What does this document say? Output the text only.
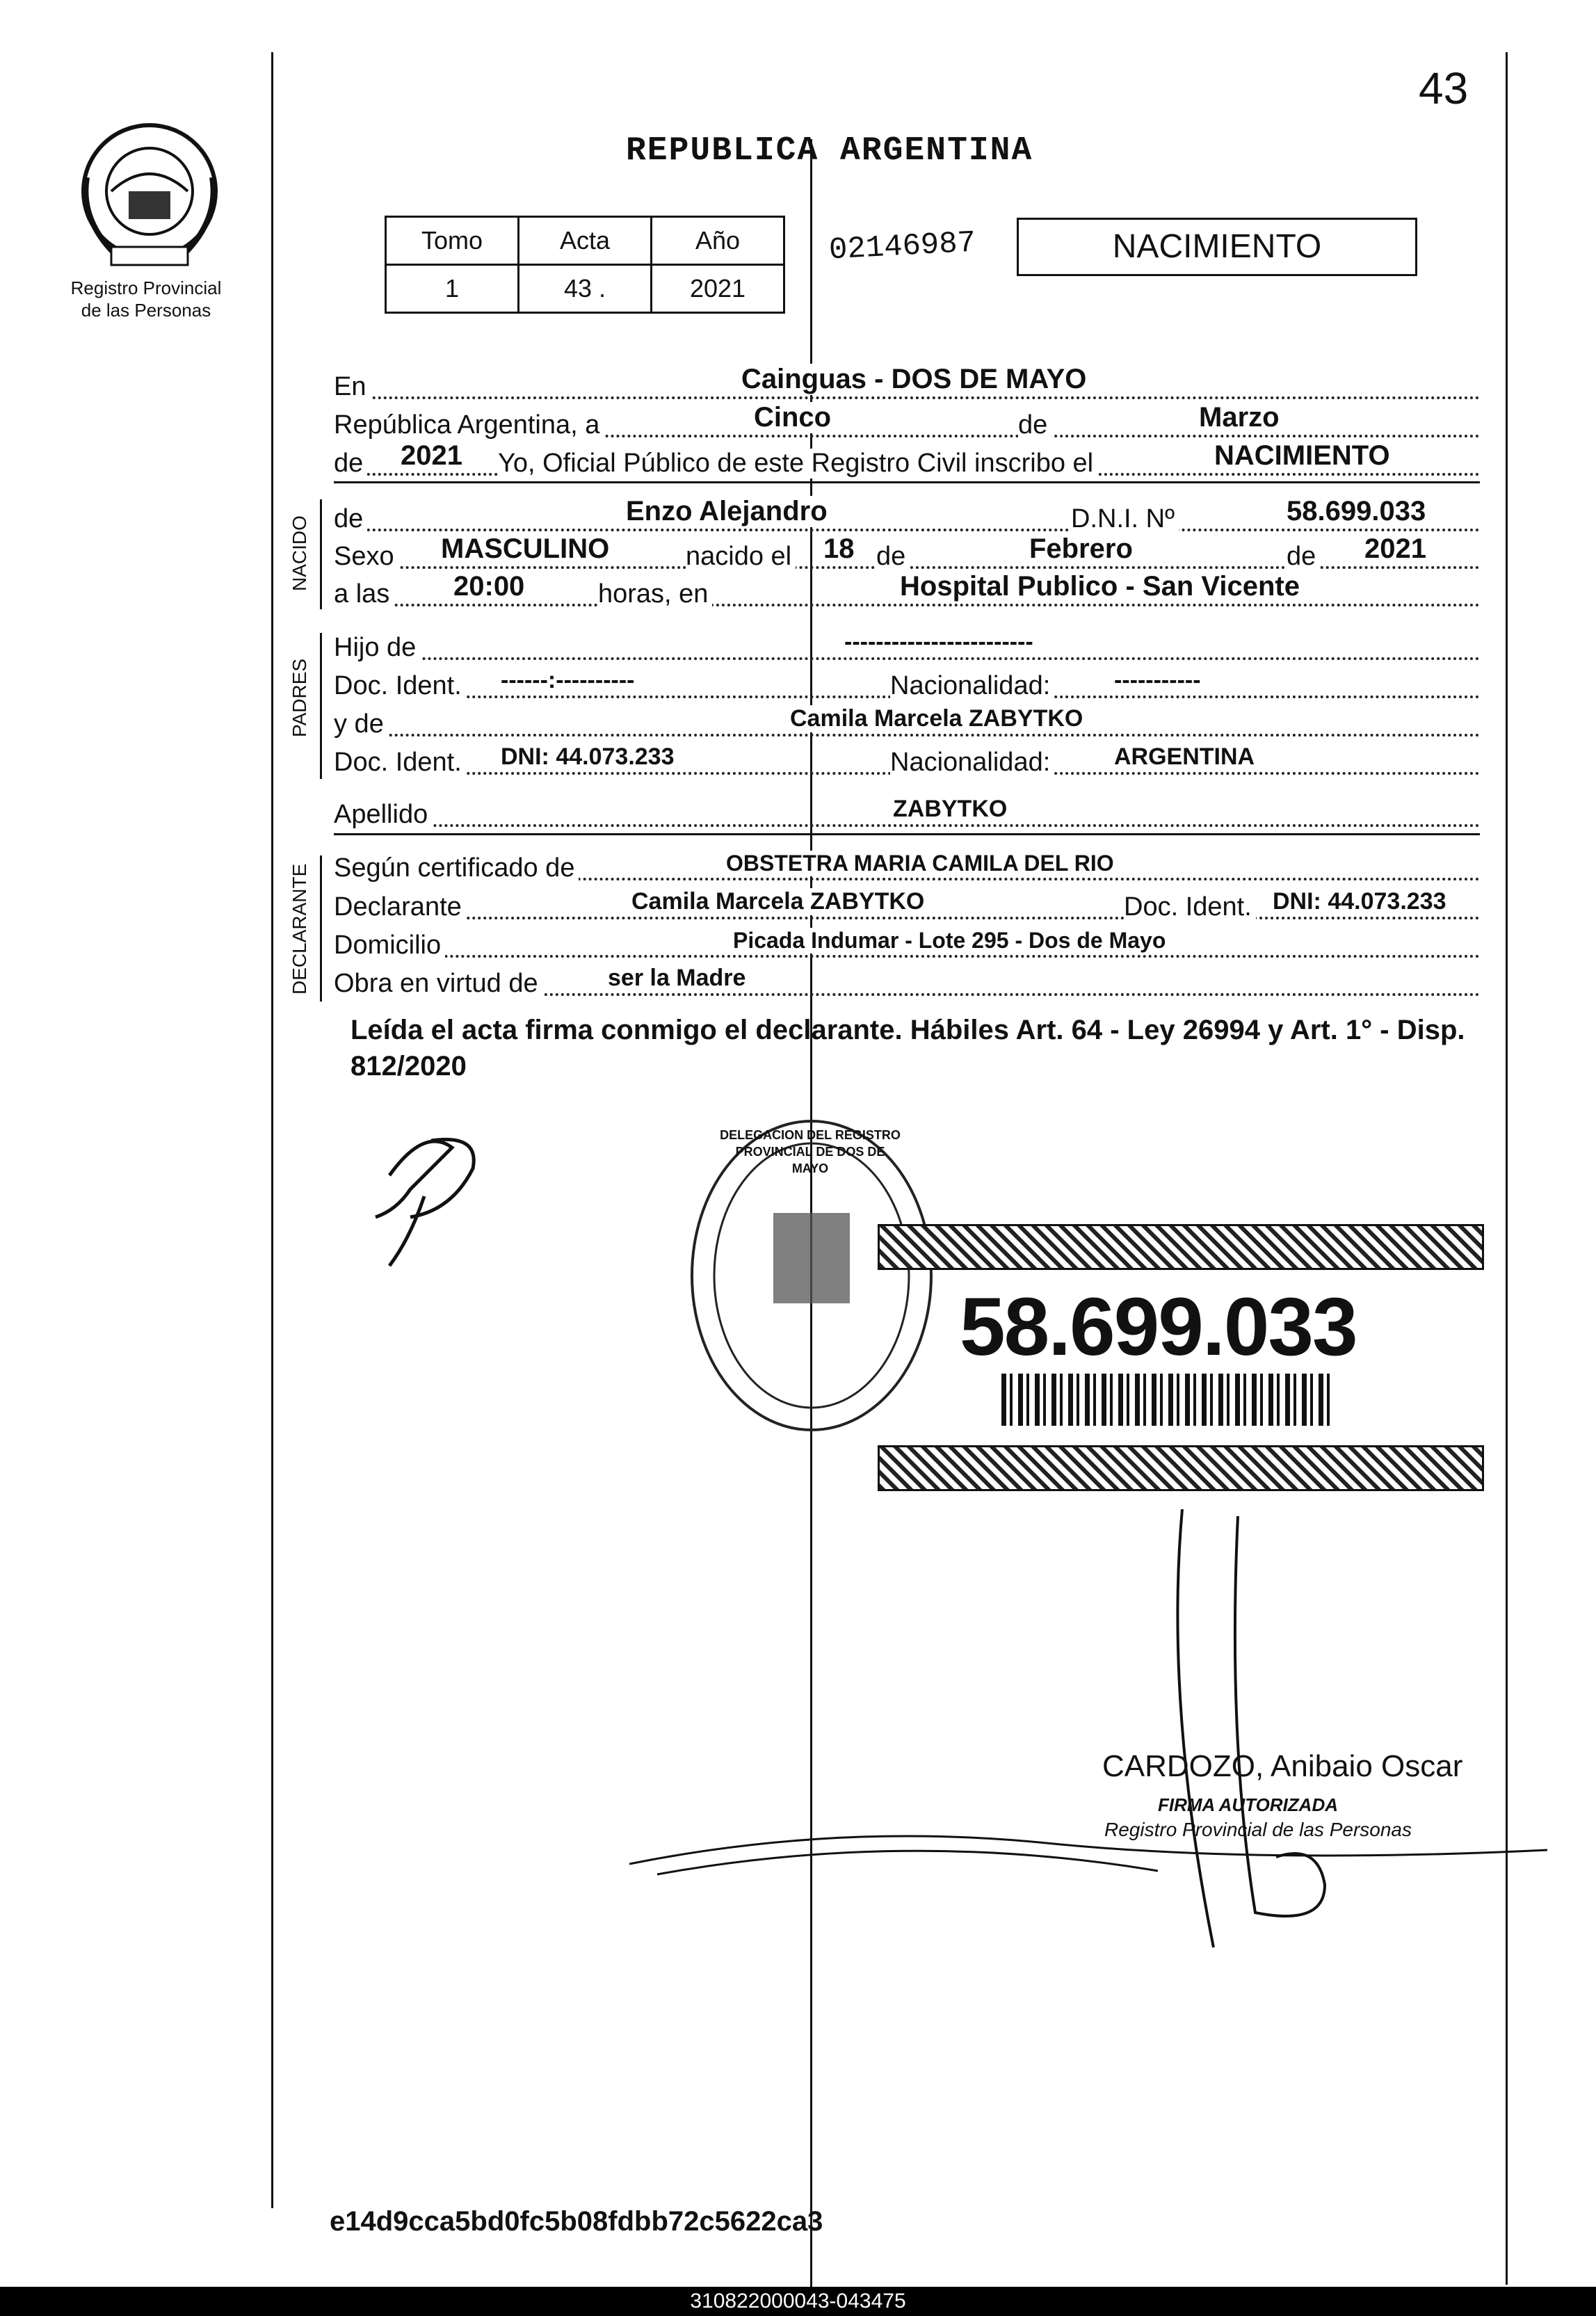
Registro Provincial
de las Personas
43
REPUBLICA ARGENTINA
Tomo	Acta	Año
1	43 .	2021
02146987	NACIMIENTO
En	Cainguas - DOS DE MAYO
República Argentina, a	Cinco	de	Marzo
de 2021 Yo, Oficial Público de este Registro Civil inscribo el	NACIMIENTO
NACIDO de	Enzo Alejandro	D.N.I. Nº	58.699.033
Sexo MASCULINO	nacido el 18 de	Febrero	de 2021
a las 20:00	horas, en	Hospital Publico - San Vicente
PADRES
Hijo de	------------------------
Doc. Ident. ------:----------	Nacionalidad:	-----------
y de	Camila Marcela ZABYTKO
Doc. Ident. DNI: 44.073.233	Nacionalidad:	ARGENTINA
Apellido	ZABYTKO
DECLARANTE Según certificado de	OBSTETRA MARIA CAMILA DEL RIO
Declarante	Camila Marcela ZABYTKO	Doc. Ident. DNI: 44.073.233
Domicilio	Picada Indumar - Lote 295 - Dos de Mayo
Obra en virtud de	ser la Madre
Leída el acta firma conmigo el declarante. Hábiles Art. 64 - Ley 26994 y Art. 1° - Disp. 812/2020
DELEGACION DEL REGISTRO PROVINCIAL DE DOS DE MAYO
58.699.033
CARDOZO, Anibaio Oscar
FIRMA AUTORIZADA
Registro Provincial de las Personas
e14d9cca5bd0fc5b08fdbb72c5622ca3
310822000043-043475
